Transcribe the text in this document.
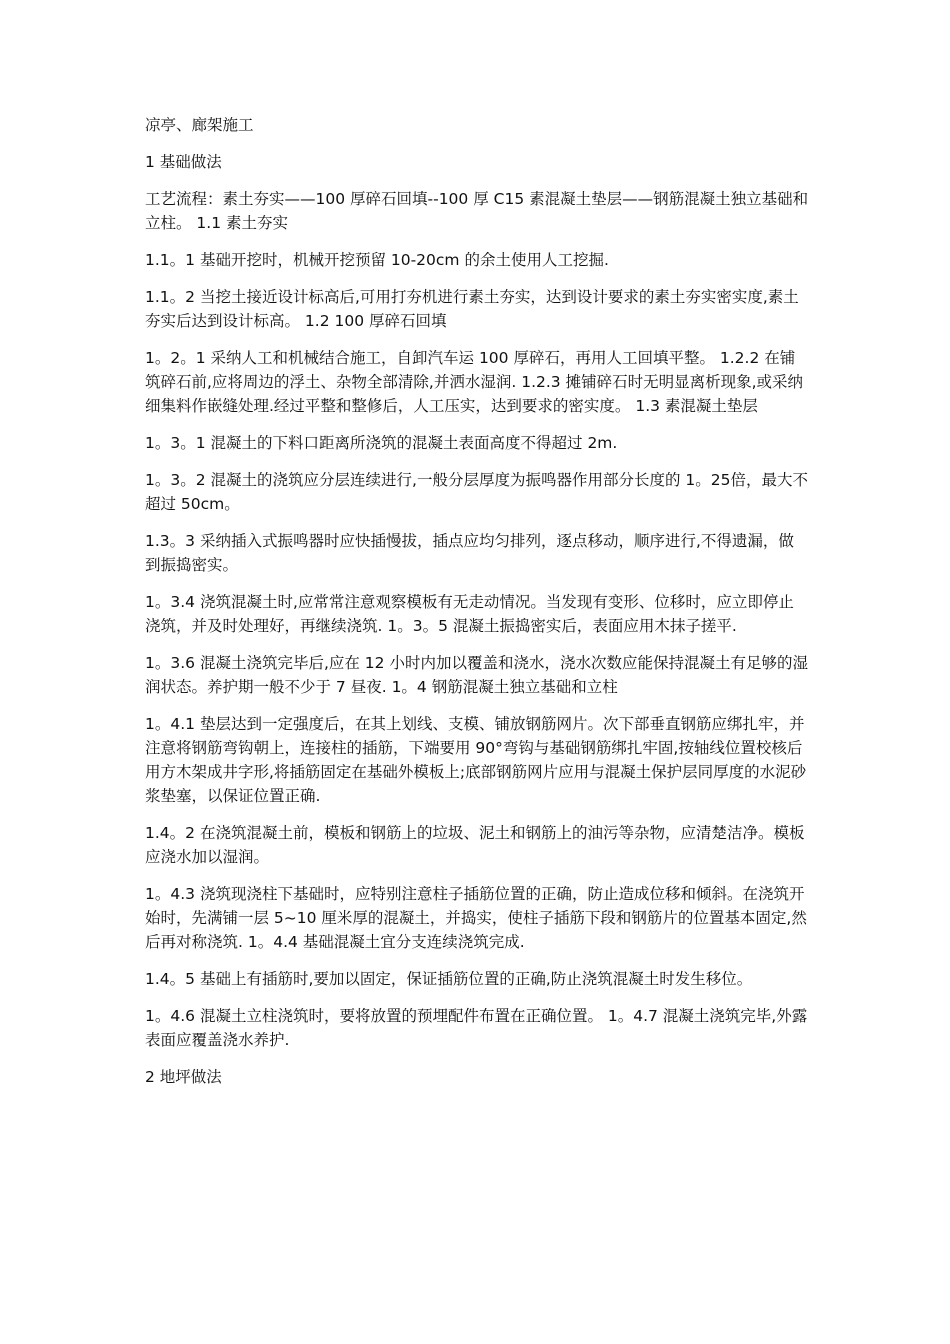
凉亭、廊架施工

1 基础做法

工艺流程：素土夯实——100 厚碎石回填--100 厚 C15 素混凝土垫层——钢筋混凝土独立基础和立柱。 1.1 素土夯实

1.1。1 基础开挖时，机械开挖预留 10-20cm 的余土使用人工挖掘.

1.1。2 当挖土接近设计标高后,可用打夯机进行素土夯实，达到设计要求的素土夯实密实度,素土夯实后达到设计标高。 1.2 100 厚碎石回填

1。2。1 采纳人工和机械结合施工，自卸汽车运 100 厚碎石，再用人工回填平整。 1.2.2 在铺筑碎石前,应将周边的浮土、杂物全部清除,并洒水湿润. 1.2.3 摊铺碎石时无明显离析现象,或采纳细集料作嵌缝处理.经过平整和整修后，人工压实，达到要求的密实度。 1.3 素混凝土垫层

1。3。1 混凝土的下料口距离所浇筑的混凝土表面高度不得超过 2m.

1。3。2 混凝土的浇筑应分层连续进行,一般分层厚度为振鸣器作用部分长度的 1。25倍，最大不超过 50cm。

1.3。3 采纳插入式振鸣器时应快插慢拔，插点应均匀排列，逐点移动，顺序进行,不得遗漏，做到振捣密实。

1。3.4 浇筑混凝土时,应常常注意观察模板有无走动情况。当发现有变形、位移时，应立即停止浇筑，并及时处理好，再继续浇筑. 1。3。5 混凝土振捣密实后，表面应用木抹子搓平.

1。3.6 混凝土浇筑完毕后,应在 12 小时内加以覆盖和浇水，浇水次数应能保持混凝土有足够的湿润状态。养护期一般不少于 7 昼夜. 1。4 钢筋混凝土独立基础和立柱

1。4.1 垫层达到一定强度后，在其上划线、支模、铺放钢筋网片。次下部垂直钢筋应绑扎牢，并注意将钢筋弯钩朝上，连接柱的插筋，下端要用 90°弯钩与基础钢筋绑扎牢固,按轴线位置校核后用方木架成井字形,将插筋固定在基础外模板上;底部钢筋网片应用与混凝土保护层同厚度的水泥砂浆垫塞，以保证位置正确.

1.4。2 在浇筑混凝土前，模板和钢筋上的垃圾、泥土和钢筋上的油污等杂物，应清楚洁净。模板应浇水加以湿润。

1。4.3 浇筑现浇柱下基础时，应特别注意柱子插筋位置的正确，防止造成位移和倾斜。在浇筑开始时，先满铺一层 5~10 厘米厚的混凝土，并捣实，使柱子插筋下段和钢筋片的位置基本固定,然后再对称浇筑. 1。4.4 基础混凝土宜分支连续浇筑完成.

1.4。5 基础上有插筋时,要加以固定，保证插筋位置的正确,防止浇筑混凝土时发生移位。

1。4.6 混凝土立柱浇筑时，要将放置的预埋配件布置在正确位置。 1。4.7 混凝土浇筑完毕,外露表面应覆盖浇水养护.

2 地坪做法
